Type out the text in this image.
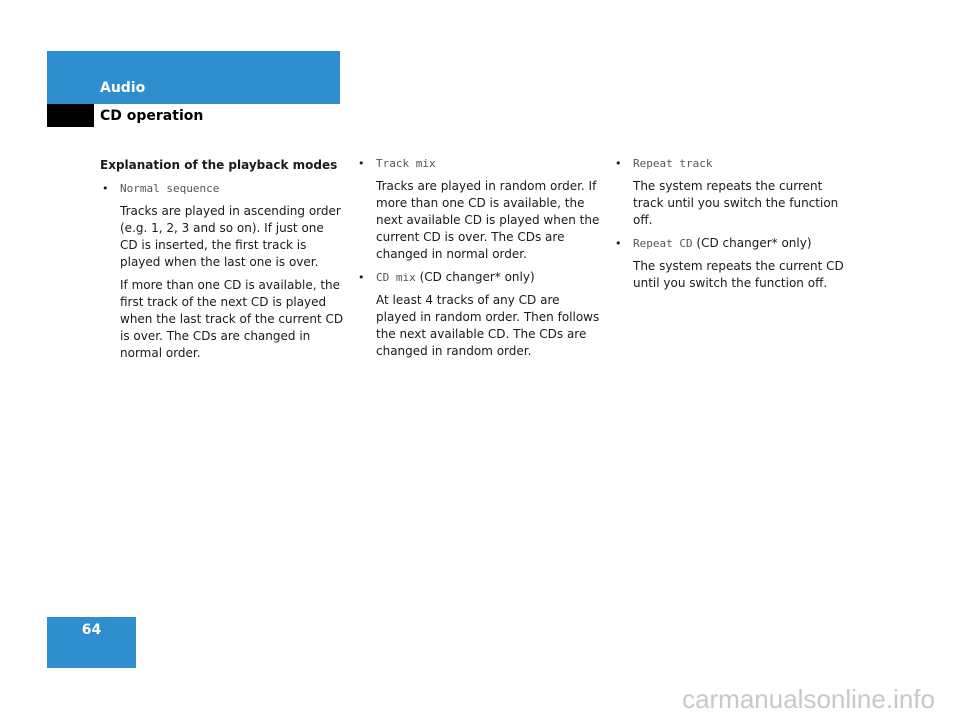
Audio
CD operation
Explanation of the playback modes
• Normal sequence

Tracks are played in ascending order (e.g. 1, 2, 3 and so on). If just one CD is inserted, the first track is played when the last one is over.

If more than one CD is available, the first track of the next CD is played when the last track of the current CD is over. The CDs are changed in normal order.

• Track mix

Tracks are played in random order. If more than one CD is available, the next available CD is played when the current CD is over. The CDs are changed in normal order.

• CD mix (CD changer* only)

At least 4 tracks of any CD are played in random order. Then follows the next available CD. The CDs are changed in random order.

• Repeat track

The system repeats the current track until you switch the function off.

• Repeat CD (CD changer* only)

The system repeats the current CD until you switch the function off.

64
carmanualsonline.info
